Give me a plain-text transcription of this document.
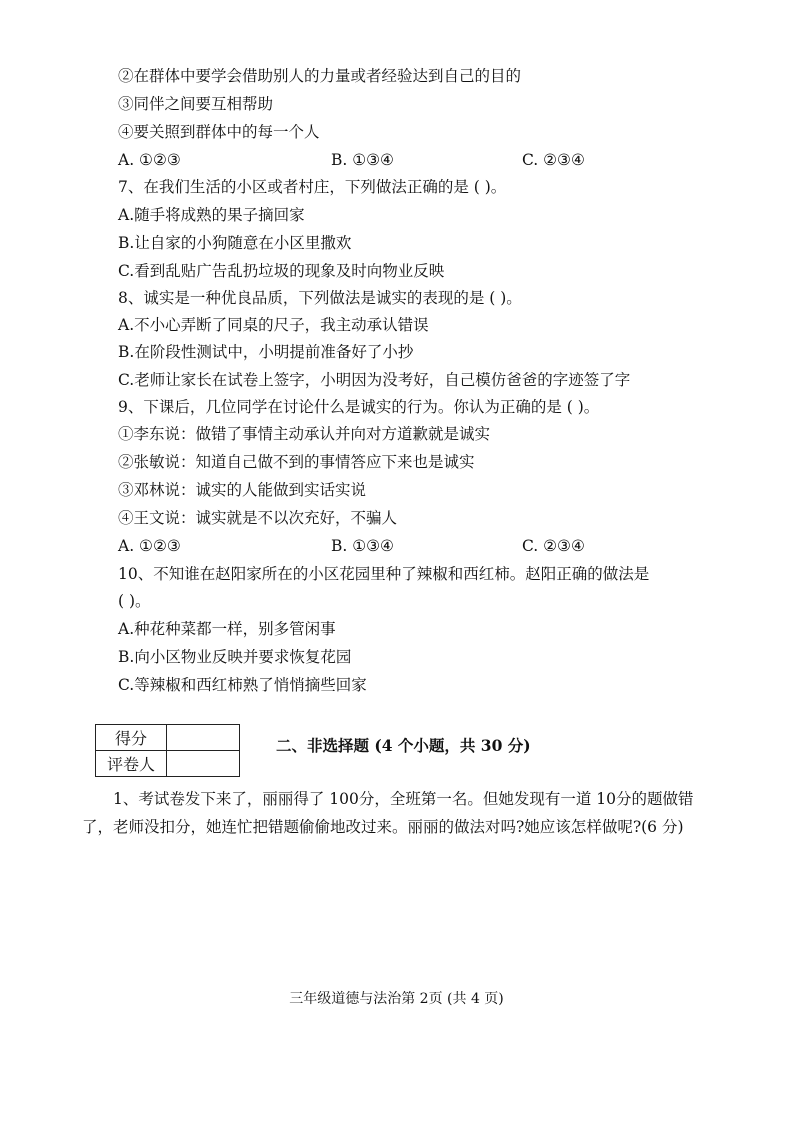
②在群体中要学会借助别人的力量或者经验达到自己的目的
③同伴之间要互相帮助
④要关照到群体中的每一个人
A. ①②③	B. ①③④	C. ②③④
7、在我们生活的小区或者村庄，下列做法正确的是 ( )。
A.随手将成熟的果子摘回家
B.让自家的小狗随意在小区里撒欢
C.看到乱贴广告乱扔垃圾的现象及时向物业反映
8、诚实是一种优良品质，下列做法是诚实的表现的是 ( )。
A.不小心弄断了同桌的尺子，我主动承认错误
B.在阶段性测试中，小明提前准备好了小抄
C.老师让家长在试卷上签字，小明因为没考好，自己模仿爸爸的字迹签了字
9、下课后，几位同学在讨论什么是诚实的行为。你认为正确的是 ( )。
①李东说：做错了事情主动承认并向对方道歉就是诚实
②张敏说：知道自己做不到的事情答应下来也是诚实
③邓林说：诚实的人能做到实话实说
④王文说：诚实就是不以次充好，不骗人
A. ①②③	B. ①③④	C. ②③④
10、不知谁在赵阳家所在的小区花园里种了辣椒和西红柿。赵阳正确的做法是
( )。
A.种花种菜都一样，别多管闲事
B.向小区物业反映并要求恢复花园
C.等辣椒和西红柿熟了悄悄摘些回家
得分	
评卷人	
二、非选择题 (4 个小题，共 30 分)
1、考试卷发下来了，丽丽得了 100分，全班第一名。但她发现有一道 10分的题做错了，老师没扣分，她连忙把错题偷偷地改过来。丽丽的做法对吗?她应该怎样做呢?(6 分)
三年级道德与法治第 2页 (共 4 页)
